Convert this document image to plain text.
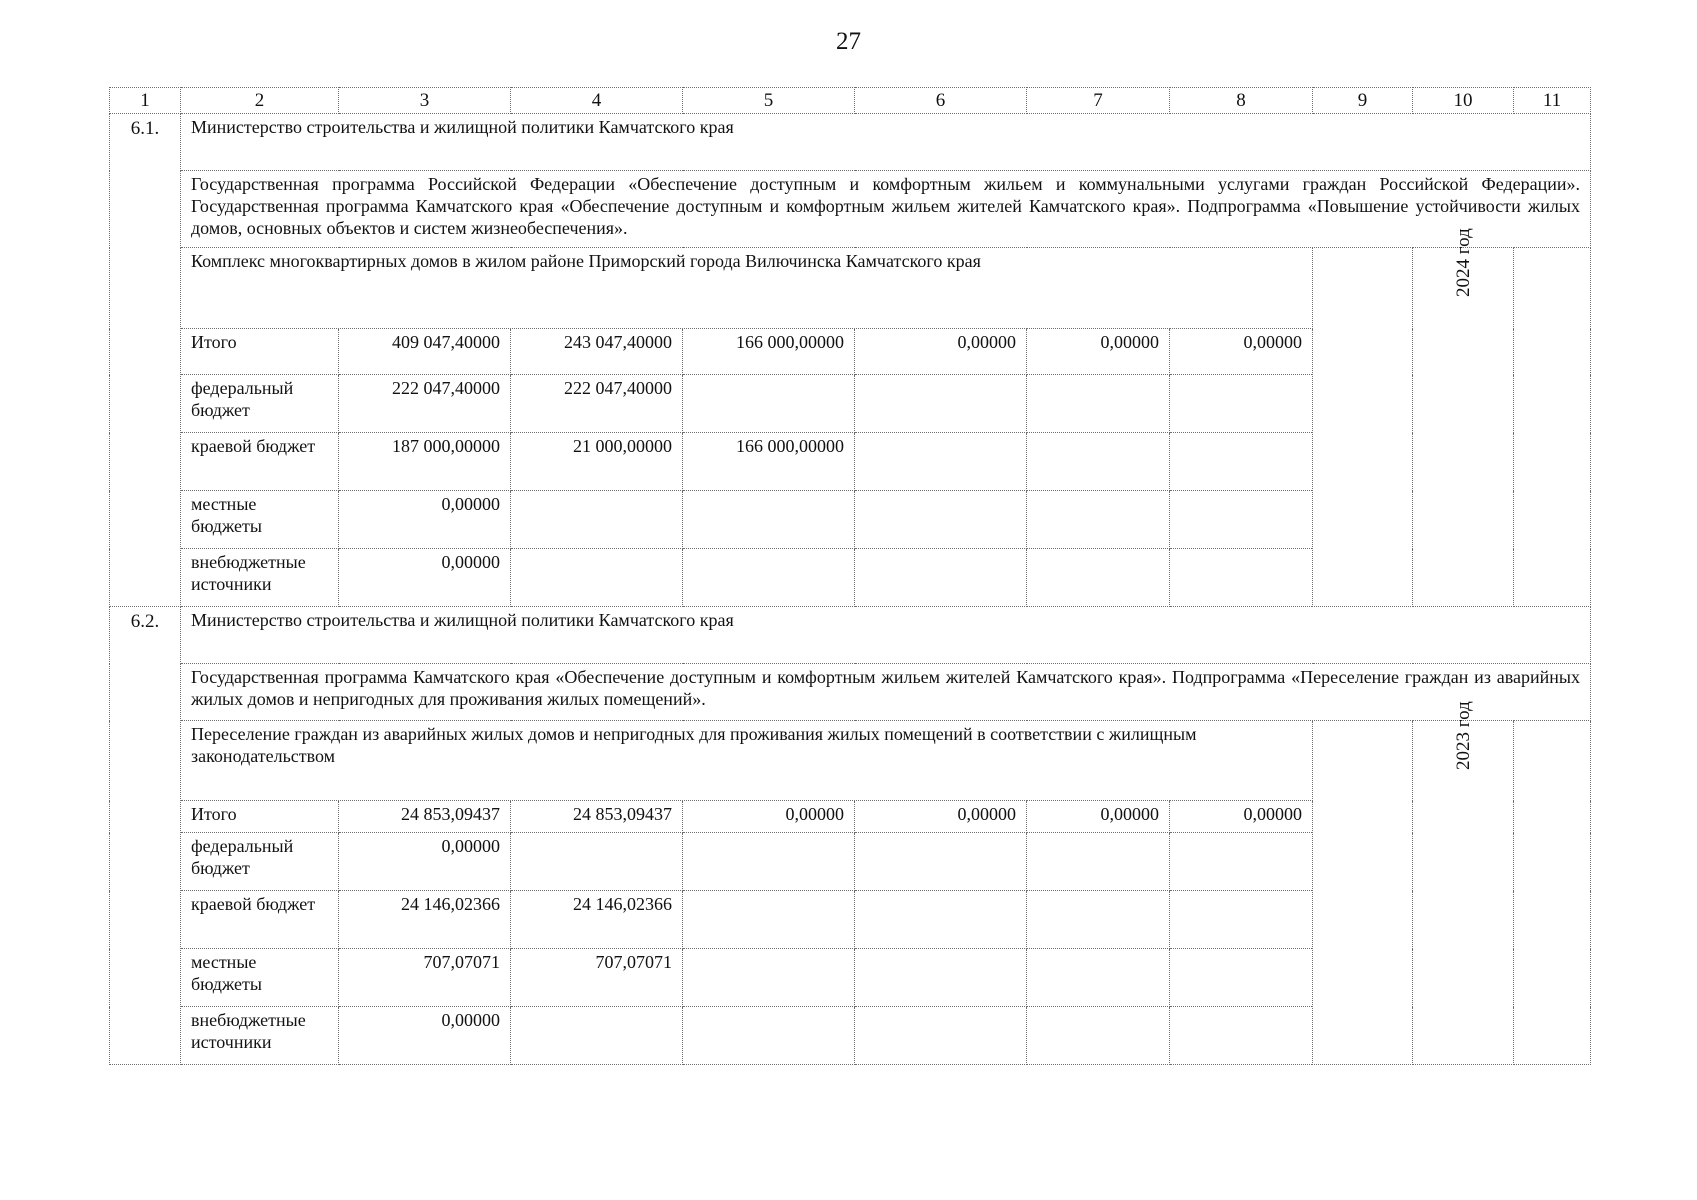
27
1	2	3	4	5	6	7	8	9	10	11
6.1.	Министерство строительства и жилищной политики Камчатского края									
	Государственная программа Российской Федерации «Обеспечение доступным и комфортным жильем и коммунальными услугами граждан Российской Федерации». Государственная программа Камчатского края «Обеспечение доступным и комфортным жильем жителей Камчатского края». Подпрограмма «Повышение устойчивости жилых домов, основных объектов и систем жизнеобеспечения».									
	Комплекс многоквартирных домов в жилом районе Приморский города Вилючинска Камчатского края								2024 год	
	Итого	409 047,40000	243 047,40000	166 000,00000	0,00000	0,00000	0,00000			
	федеральный бюджет	222 047,40000	222 047,40000							
	краевой бюджет	187 000,00000	21 000,00000	166 000,00000						
	местные бюджеты	0,00000								
	внебюджетные источники	0,00000								
6.2.	Министерство строительства и жилищной политики Камчатского края									
	Государственная программа Камчатского края «Обеспечение доступным и комфортным жильем жителей Камчатского края». Подпрограмма «Переселение граждан из аварийных жилых домов и непригодных для проживания жилых помещений».									
	Переселение граждан из аварийных жилых домов и непригодных для проживания жилых помещений в соответствии с жилищным законодательством								2023 год	
	Итого	24 853,09437	24 853,09437	0,00000	0,00000	0,00000	0,00000			
	федеральный бюджет	0,00000								
	краевой бюджет	24 146,02366	24 146,02366							
	местные бюджеты	707,07071	707,07071							
	внебюджетные источники	0,00000								
